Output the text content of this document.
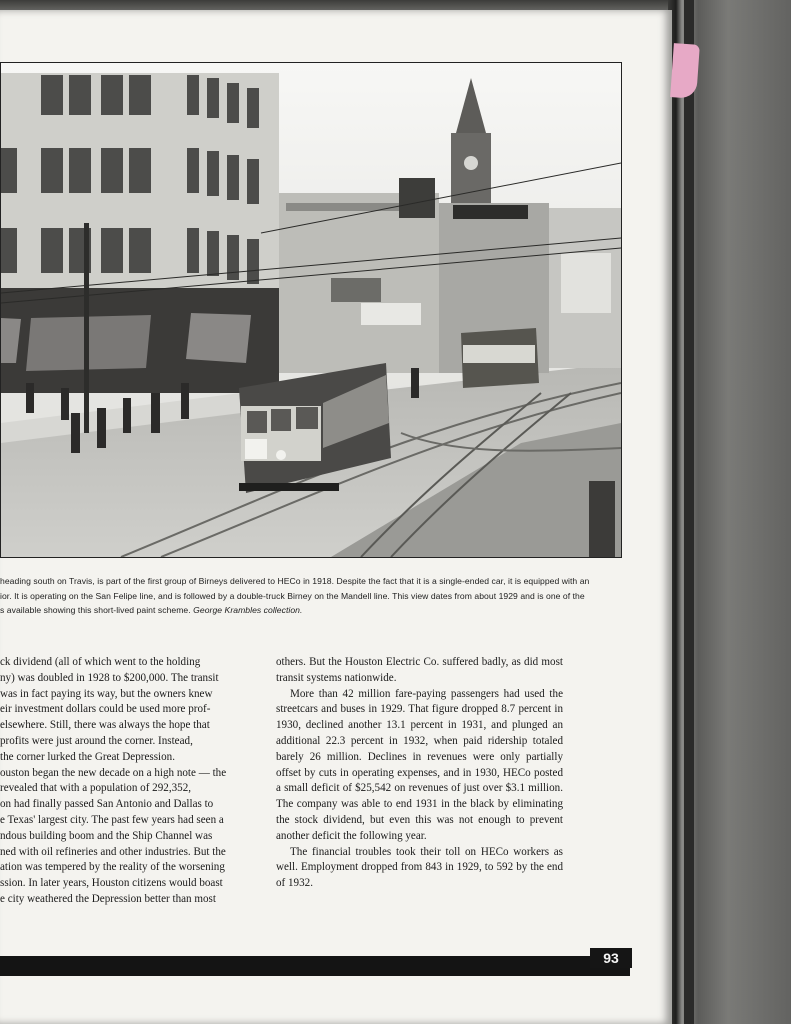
heading south on Travis, is part of the first group of Birneys delivered to HECo in 1918. Despite the fact that it is a single-ended car, it is equipped with an
ior. It is operating on the San Felipe line, and is followed by a double-truck Birney on the Mandell line. This view dates from about 1929 and is one of the
s available showing this short-lived paint scheme. George Krambles collection.

ck dividend (all of which went to the holding

ny) was doubled in 1928 to $200,000. The transit

was in fact paying its way, but the owners knew

eir investment dollars could be used more prof-

elsewhere. Still, there was always the hope that

profits were just around the corner. Instead,

the corner lurked the Great Depression.

ouston began the new decade on a high note — the

revealed that with a population of 292,352,

on had finally passed San Antonio and Dallas to

e Texas' largest city. The past few years had seen a

ndous building boom and the Ship Channel was

ned with oil refineries and other industries. But the

ation was tempered by the reality of the worsening

ssion. In later years, Houston citizens would boast

e city weathered the Depression better than most

others. But the Houston Electric Co. suffered badly, as did most transit systems nationwide.

More than 42 million fare-paying passengers had used the streetcars and buses in 1929. That figure dropped 8.7 percent in 1930, declined another 13.1 percent in 1931, and plunged an additional 22.3 percent in 1932, when paid ridership totaled barely 26 million. Declines in revenues were only partially offset by cuts in operating expenses, and in 1930, HECo posted a small deficit of $25,542 on revenues of just over $3.1 million. The company was able to end 1931 in the black by eliminating the stock dividend, but even this was not enough to prevent another deficit the following year.

The financial troubles took their toll on HECo workers as well. Employment dropped from 843 in 1929, to 592 by the end of 1932.

93
